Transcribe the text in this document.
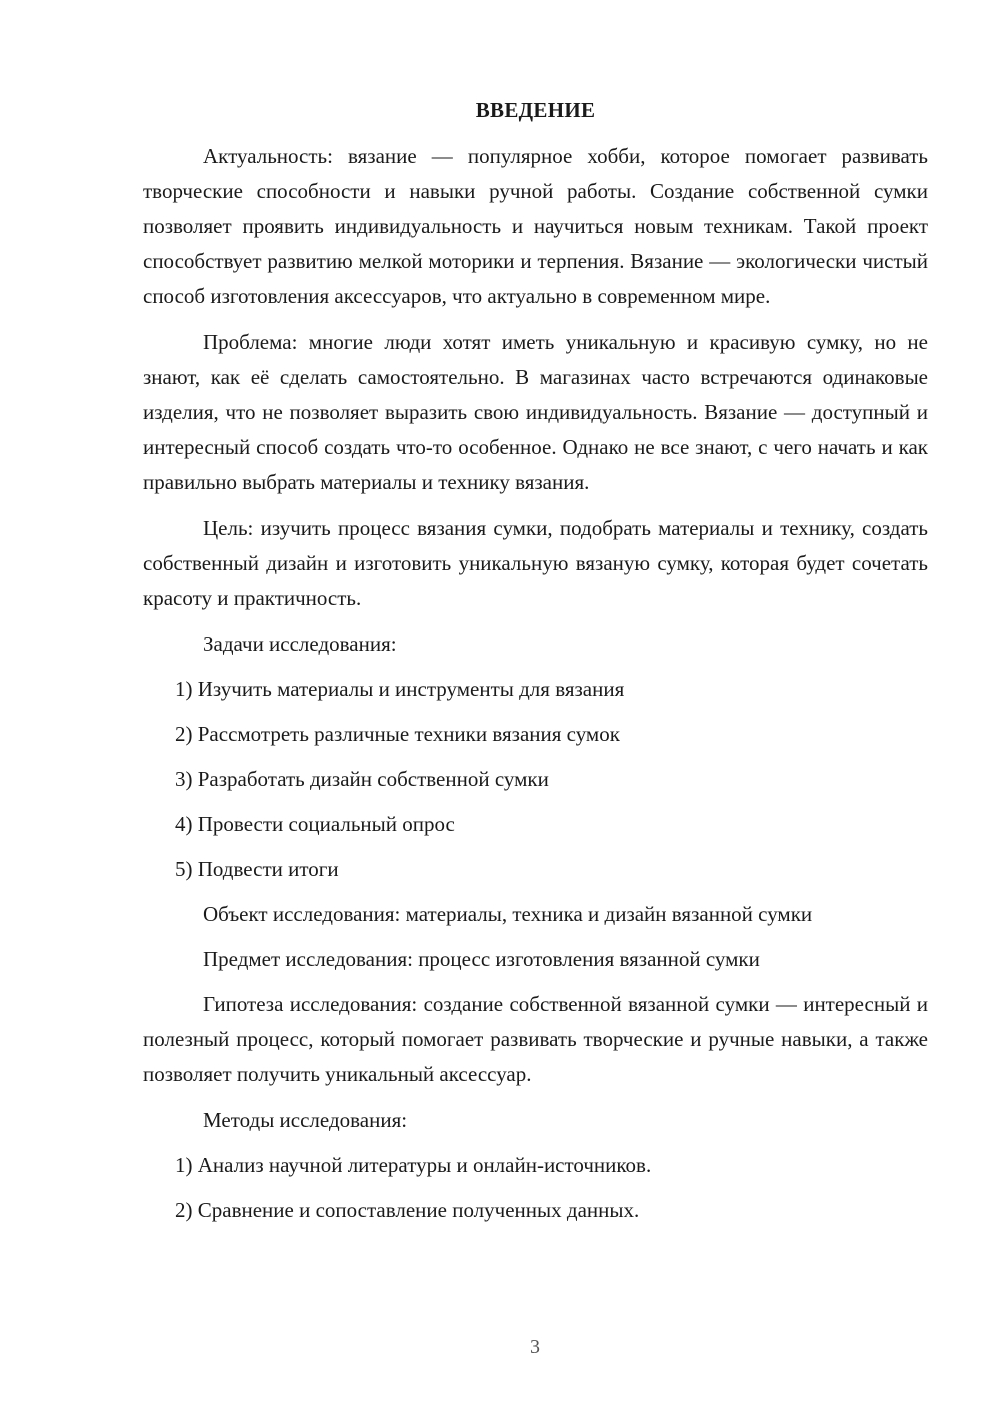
ВВЕДЕНИЕ

Актуальность: вязание — популярное хобби, которое помогает развивать творческие способности и навыки ручной работы. Создание собственной сумки позволяет проявить индивидуальность и научиться новым техникам. Такой проект способствует развитию мелкой моторики и терпения. Вязание — экологически чистый способ изготовления аксессуаров, что актуально в современном мире.

Проблема: многие люди хотят иметь уникальную и красивую сумку, но не знают, как её сделать самостоятельно. В магазинах часто встречаются одинаковые изделия, что не позволяет выразить свою индивидуальность. Вязание — доступный и интересный способ создать что-то особенное. Однако не все знают, с чего начать и как правильно выбрать материалы и технику вязания.

Цель: изучить процесс вязания сумки, подобрать материалы и технику, создать собственный дизайн и изготовить уникальную вязаную сумку, которая будет сочетать красоту и практичность.

Задачи исследования:
1) Изучить материалы и инструменты для вязания
2) Рассмотреть различные техники вязания сумок
3) Разработать дизайн собственной сумки
4) Провести социальный опрос
5) Подвести итоги
Объект исследования: материалы, техника и дизайн вязанной сумки
Предмет исследования: процесс изготовления вязанной сумки

Гипотеза исследования: создание собственной вязанной сумки — интересный и полезный процесс, который помогает развивать творческие и ручные навыки, а также позволяет получить уникальный аксессуар.

Методы исследования:
1) Анализ научной литературы и онлайн-источников.
2) Сравнение и сопоставление полученных данных.
3
